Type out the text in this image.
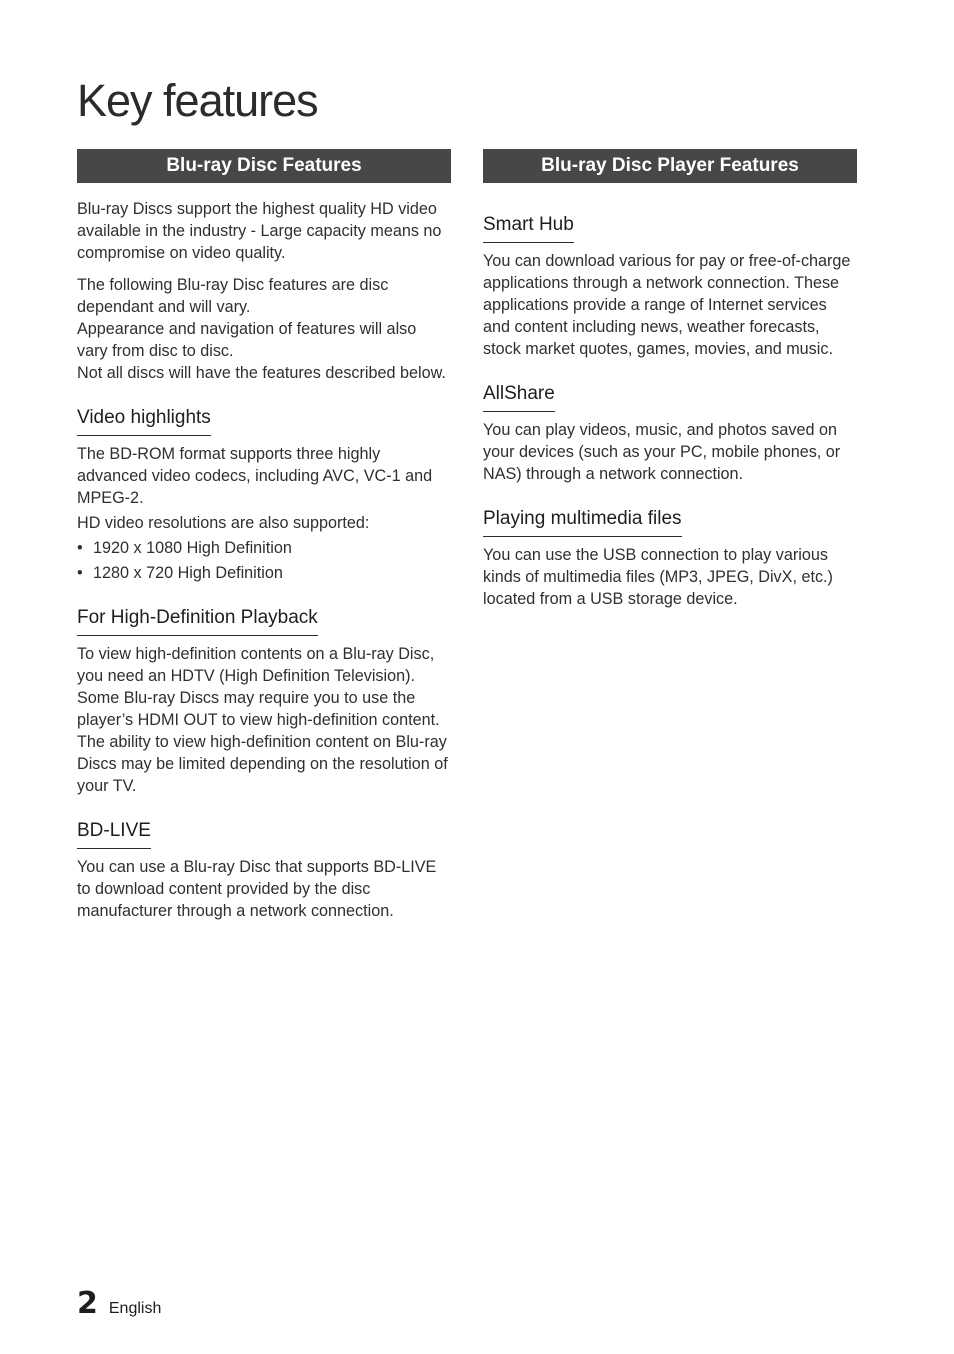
Key features
Blu-ray Disc Features

Blu-ray Discs support the highest quality HD video available in the industry - Large capacity means no compromise on video quality.

The following Blu-ray Disc features are disc dependant and will vary.

Appearance and navigation of features will also vary from disc to disc.

Not all discs will have the features described below.

Video highlights

The BD-ROM format supports three highly advanced video codecs, including AVC, VC-1 and MPEG-2.

HD video resolutions are also supported:

• 1920 x 1080 High Definition
• 1280 x 720 High Definition
For High-Definition Playback

To view high-definition contents on a Blu-ray Disc, you need an HDTV (High Definition Television). Some Blu-ray Discs may require you to use the player’s HDMI OUT to view high-definition content. The ability to view high-definition content on Blu-ray Discs may be limited depending on the resolution of your TV.

BD-LIVE

You can use a Blu-ray Disc that supports BD-LIVE to download content provided by the disc manufacturer through a network connection.

Blu-ray Disc Player Features
Smart Hub

You can download various for pay or free-of-charge applications through a network connection. These applications provide a range of Internet services and content including news, weather forecasts, stock market quotes, games, movies, and music.

AllShare

You can play videos, music, and photos saved on your devices (such as your PC, mobile phones, or NAS) through a network connection.

Playing multimedia files

You can use the USB connection to play various kinds of multimedia files (MP3, JPEG, DivX, etc.) located from a USB storage device.

2 English
